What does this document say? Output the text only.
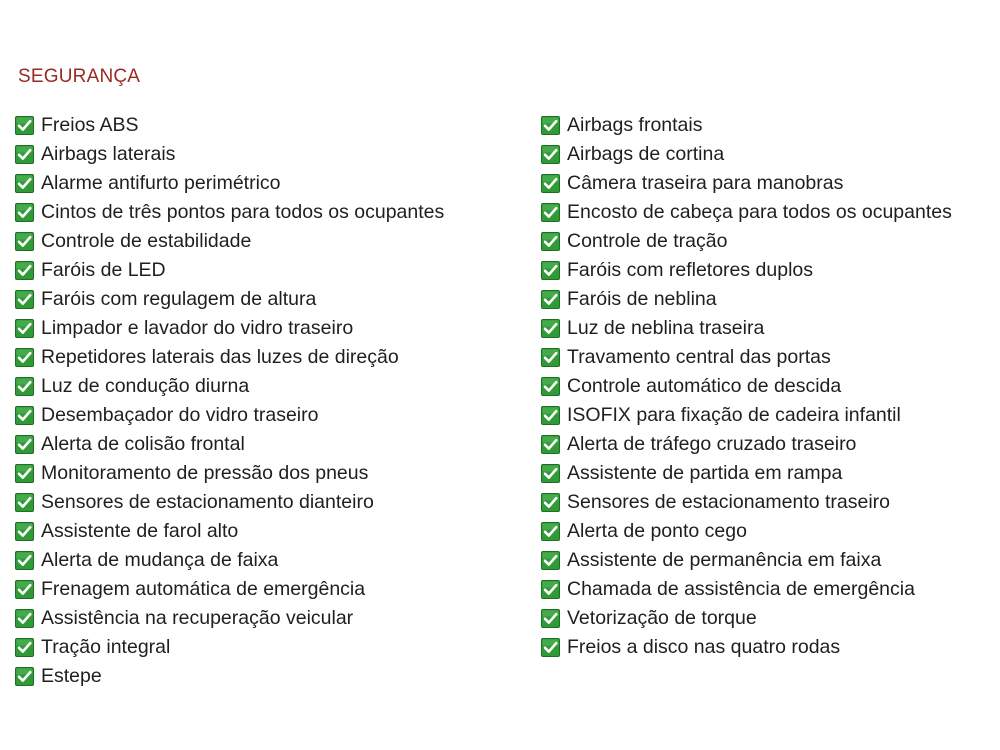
SEGURANÇA
Freios ABS
Airbags laterais
Alarme antifurto perimétrico
Cintos de três pontos para todos os ocupantes
Controle de estabilidade
Faróis de LED
Faróis com regulagem de altura
Limpador e lavador do vidro traseiro
Repetidores laterais das luzes de direção
Luz de condução diurna
Desembaçador do vidro traseiro
Alerta de colisão frontal
Monitoramento de pressão dos pneus
Sensores de estacionamento dianteiro
Assistente de farol alto
Alerta de mudança de faixa
Frenagem automática de emergência
Assistência na recuperação veicular
Tração integral
Estepe
Airbags frontais
Airbags de cortina
Câmera traseira para manobras
Encosto de cabeça para todos os ocupantes
Controle de tração
Faróis com refletores duplos
Faróis de neblina
Luz de neblina traseira
Travamento central das portas
Controle automático de descida
ISOFIX para fixação de cadeira infantil
Alerta de tráfego cruzado traseiro
Assistente de partida em rampa
Sensores de estacionamento traseiro
Alerta de ponto cego
Assistente de permanência em faixa
Chamada de assistência de emergência
Vetorização de torque
Freios a disco nas quatro rodas
